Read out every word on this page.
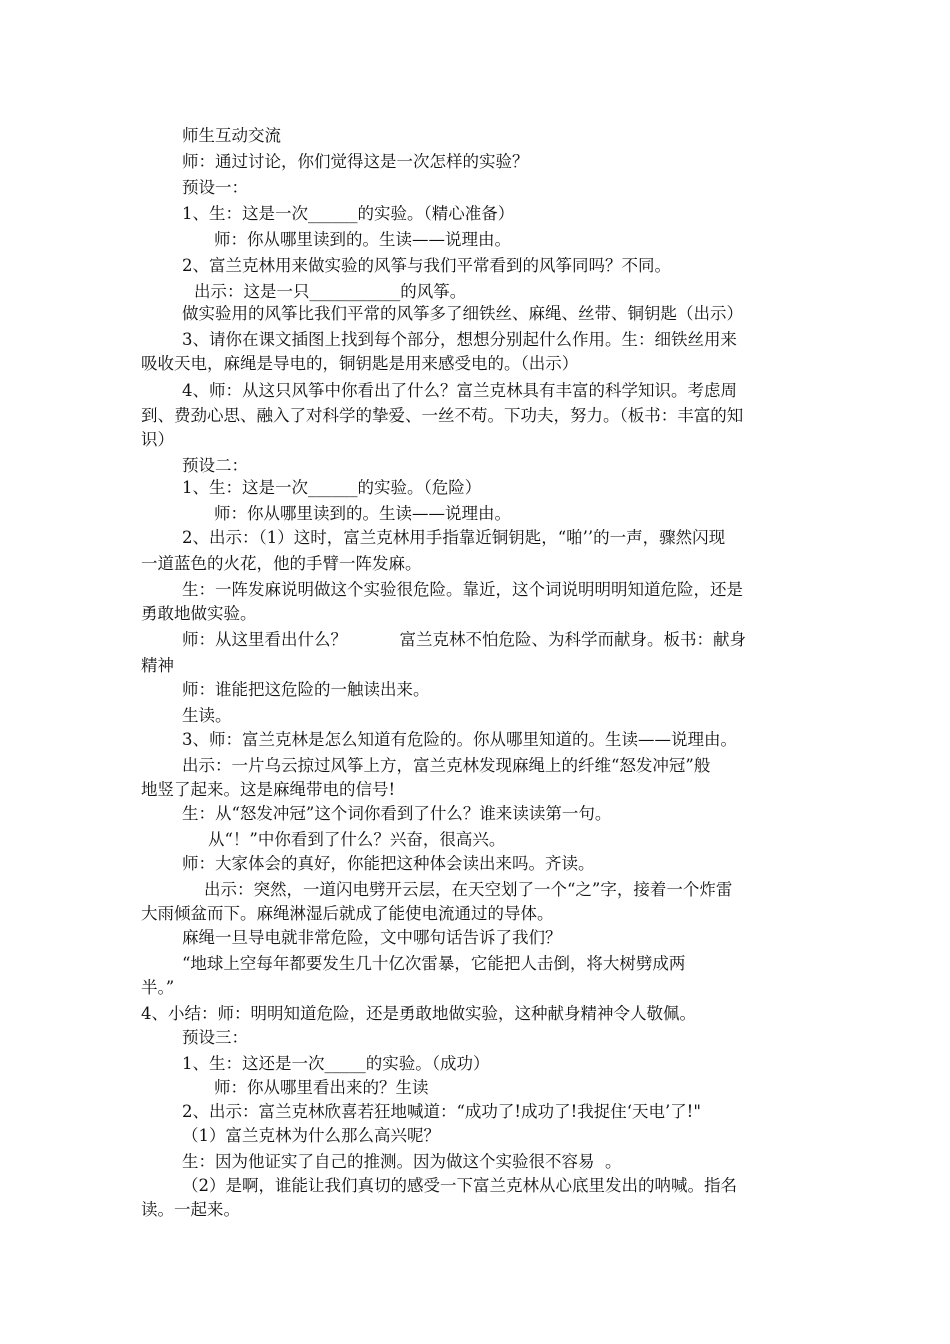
师生互动交流
师：通过讨论，你们觉得这是一次怎样的实验？
预设一：
1、生：这是一次______的实验。（精心准备）
师：你从哪里读到的。生读——说理由。
2、富兰克林用来做实验的风筝与我们平常看到的风筝同吗？不同。
出示：这是一只___________的风筝。
做实验用的风筝比我们平常的风筝多了细铁丝、麻绳、丝带、铜钥匙（出示）
3、请你在课文插图上找到每个部分，想想分别起什么作用。生：细铁丝用来
吸收天电，麻绳是导电的，铜钥匙是用来感受电的。（出示）
4、师：从这只风筝中你看出了什么？富兰克林具有丰富的科学知识。考虑周
到、费劲心思、融入了对科学的挚爱、一丝不苟。下功夫，努力。（板书：丰富的知
识）
预设二：
1、生：这是一次______的实验。（危险）
师：你从哪里读到的。生读——说理由。
2、出示：（1）这时，富兰克林用手指靠近铜钥匙，“啪’’的一声，骤然闪现
一道蓝色的火花，他的手臂一阵发麻。
生：一阵发麻说明做这个实验很危险。靠近，这个词说明明明知道危险，还是
勇敢地做实验。
师：从这里看出什么？          富兰克林不怕危险、为科学而献身。板书：献身
精神
师：谁能把这危险的一触读出来。
生读。
3、师：富兰克林是怎么知道有危险的。你从哪里知道的。生读——说理由。
出示：一片乌云掠过风筝上方，富兰克林发现麻绳上的纤维“怒发冲冠”般
地竖了起来。这是麻绳带电的信号!
生：从“怒发冲冠”这个词你看到了什么？谁来读读第一句。
从“！”中你看到了什么？兴奋，很高兴。
师：大家体会的真好，你能把这种体会读出来吗。齐读。
出示：突然，一道闪电劈开云层，在天空划了一个“之”字，接着一个炸雷
大雨倾盆而下。麻绳淋湿后就成了能使电流通过的导体。
麻绳一旦导电就非常危险，文中哪句话告诉了我们？
“地球上空每年都要发生几十亿次雷暴，它能把人击倒，将大树劈成两
半。”
4、小结：师：明明知道危险，还是勇敢地做实验，这种献身精神令人敬佩。
预设三：
1、生：这还是一次_____的实验。（成功）
师：你从哪里看出来的？生读
2、出示：富兰克林欣喜若狂地喊道：“成功了!成功了!我捉住‘天电’了!"
（1）富兰克林为什么那么高兴呢？
生：因为他证实了自己的推测。因为做这个实验很不容易  。
（2）是啊，谁能让我们真切的感受一下富兰克林从心底里发出的呐喊。指名
读。一起来。
